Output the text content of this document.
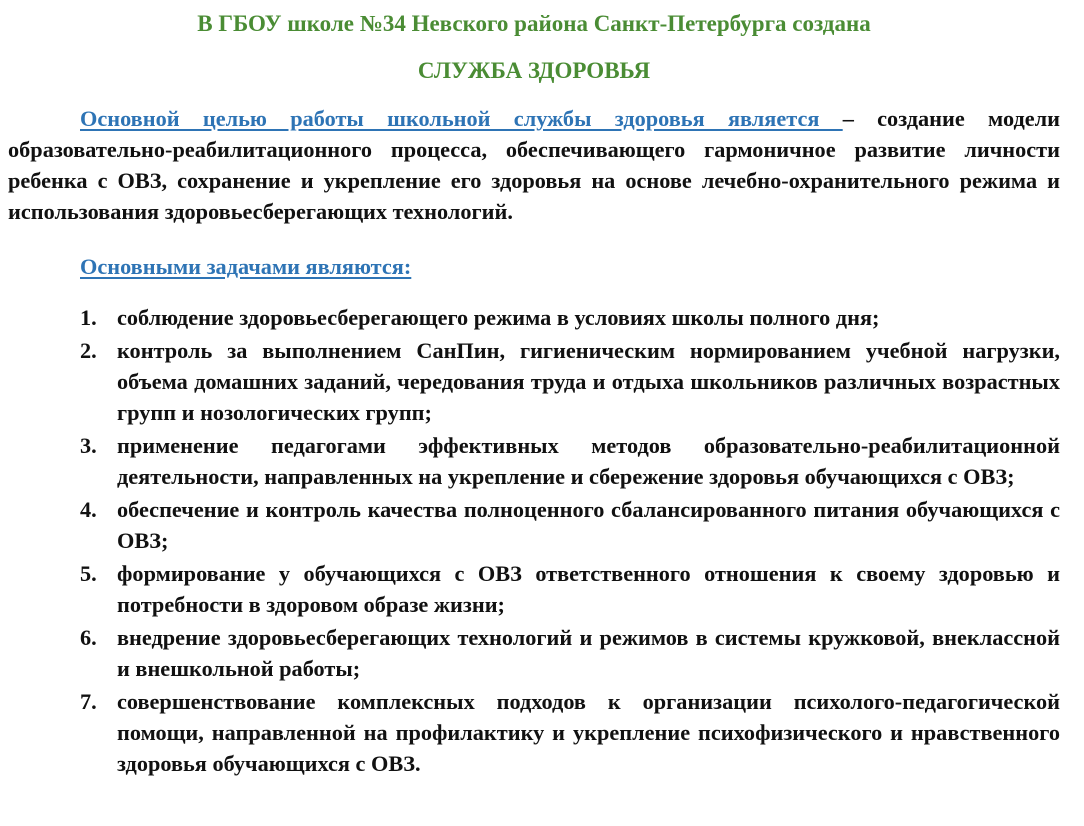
В ГБОУ школе №34 Невского района Санкт-Петербурга создана
СЛУЖБА ЗДОРОВЬЯ

Основной целью работы школьной службы здоровья является – создание модели образовательно-реабилитационного процесса, обеспечивающего гармоничное развитие личности ребенка с ОВЗ, сохранение и укрепление его здоровья на основе лечебно-охранительного режима и использования здоровьесберегающих технологий.

Основными задачами являются:
1. соблюдение здоровьесберегающего режима в условиях школы полного дня;
2. контроль за выполнением СанПин, гигиеническим нормированием учебной нагрузки, объема домашних заданий, чередования труда и отдыха школьников различных возрастных групп и нозологических групп;
3. применение педагогами эффективных методов образовательно-реабилитационной деятельности, направленных на укрепление и сбережение здоровья обучающихся с ОВЗ;
4. обеспечение и контроль качества полноценного сбалансированного питания обучающихся с ОВЗ;
5. формирование у обучающихся с ОВЗ ответственного отношения к своему здоровью и потребности в здоровом образе жизни;
6. внедрение здоровьесберегающих технологий и режимов в системы кружковой, внеклассной и внешкольной работы;
7. совершенствование комплексных подходов к организации психолого-педагогической помощи, направленной на профилактику и укрепление психофизического и нравственного здоровья обучающихся с ОВЗ.
